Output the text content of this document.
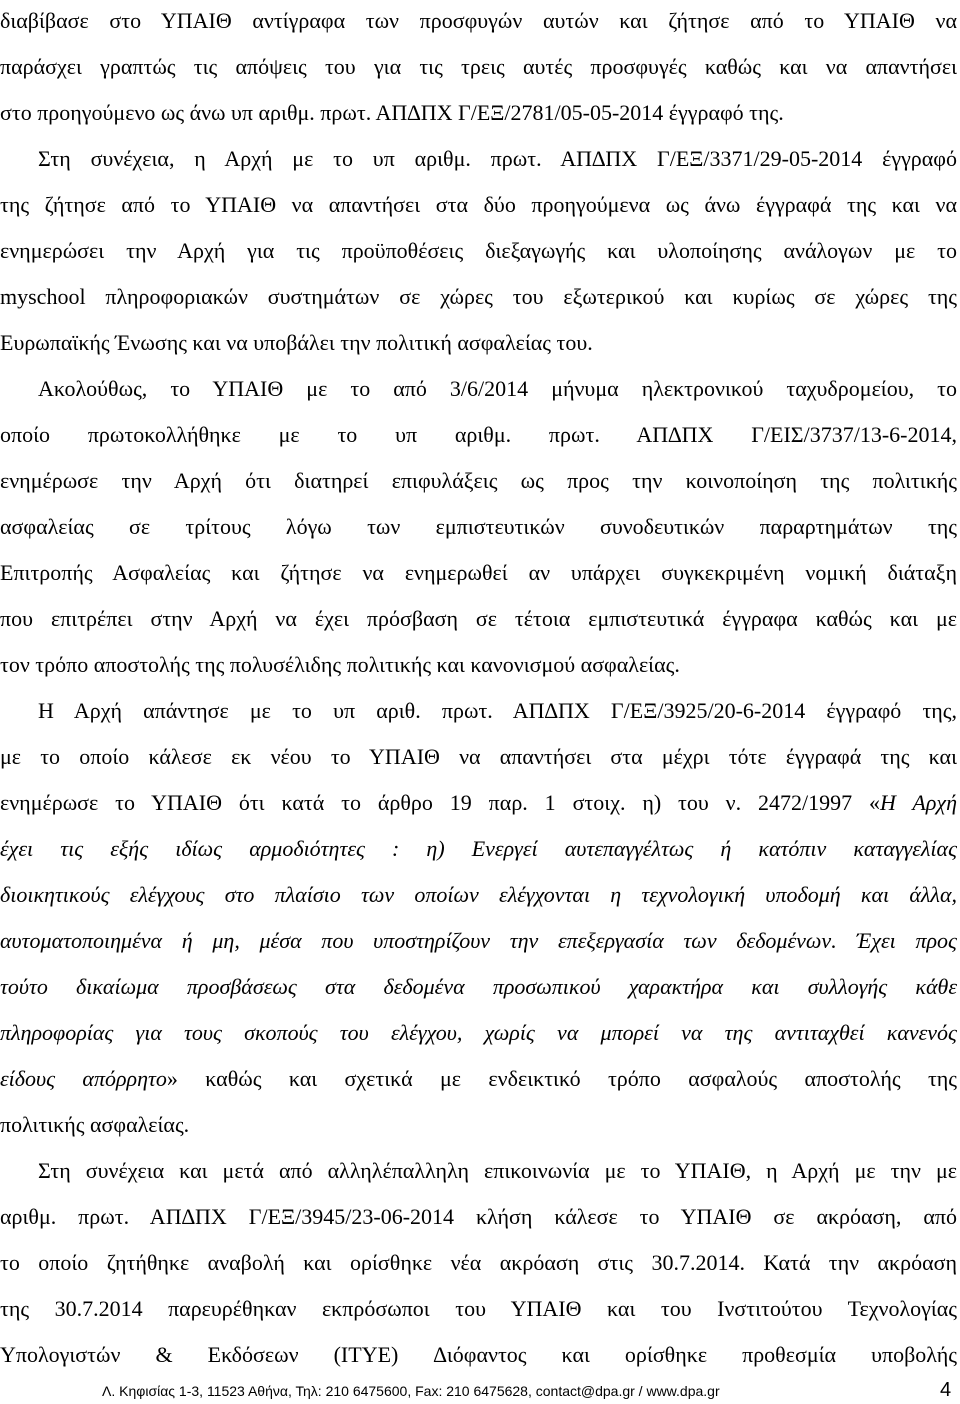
διαβίβασε στο ΥΠΑΙΘ αντίγραφα των προσφυγών αυτών και ζήτησε από το ΥΠΑΙΘ να
παράσχει γραπτώς τις απόψεις του για τις τρεις αυτές προσφυγές καθώς και να απαντήσει
στο προηγούμενο ως άνω υπ αριθμ. πρωτ. ΑΠ∆ΠΧ Γ/ΕΞ/2781/05-05-2014 έγγραφό της.
Στη συνέχεια, η Αρχή με το υπ αριθμ. πρωτ. ΑΠ∆ΠΧ Γ/ΕΞ/3371/29-05-2014 έγγραφό
της ζήτησε από το ΥΠΑΙΘ να απαντήσει στα δύο προηγούμενα ως άνω έγγραφά της και να
ενημερώσει την Αρχή για τις προϋποθέσεις διεξαγωγής και υλοποίησης ανάλογων με το
myschool πληροφοριακών συστημάτων σε χώρες του εξωτερικού και κυρίως σε χώρες της
Ευρωπαϊκής Ένωσης και να υποβάλει την πολιτική ασφαλείας του.
Ακολούθως, το ΥΠΑΙΘ με το από 3/6/2014 μήνυμα ηλεκτρονικού ταχυδρομείου, το
οποίο πρωτοκολλήθηκε με το υπ αριθμ. πρωτ. ΑΠ∆ΠΧ Γ/ΕΙΣ/3737/13-6-2014,
ενημέρωσε την Αρχή ότι διατηρεί επιφυλάξεις ως προς την κοινοποίηση της πολιτικής
ασφαλείας σε τρίτους λόγω των εμπιστευτικών συνοδευτικών παραρτημάτων της
Επιτροπής Ασφαλείας και ζήτησε να ενημερωθεί αν υπάρχει συγκεκριμένη νομική διάταξη
που επιτρέπει στην Αρχή να έχει πρόσβαση σε τέτοια εμπιστευτικά έγγραφα καθώς και με
τον τρόπο αποστολής της πολυσέλιδης πολιτικής και κανονισμού ασφαλείας.
Η Αρχή απάντησε με το υπ αριθ. πρωτ. ΑΠ∆ΠΧ Γ/ΕΞ/3925/20-6-2014 έγγραφό της,
με το οποίο κάλεσε εκ νέου το ΥΠΑΙΘ να απαντήσει στα μέχρι τότε έγγραφά της και
ενημέρωσε το ΥΠΑΙΘ ότι κατά το άρθρο 19 παρ. 1 στοιχ. η) του ν. 2472/1997 «Η Αρχή
έχει τις εξής ιδίως αρμοδιότητες : η) Ενεργεί αυτεπαγγέλτως ή κατόπιν καταγγελίας
διοικητικούς ελέγχους στο πλαίσιο των οποίων ελέγχονται η τεχνολογική υποδομή και άλλα,
αυτοματοποιημένα ή μη, μέσα που υποστηρίζουν την επεξεργασία των δεδομένων. Έχει προς
τούτο δικαίωμα προσβάσεως στα δεδομένα προσωπικού χαρακτήρα και συλλογής κάθε
πληροφορίας για τους σκοπούς του ελέγχου, χωρίς να μπορεί να της αντιταχθεί κανενός
είδους απόρρητο» καθώς και σχετικά με ενδεικτικό τρόπο ασφαλούς αποστολής της
πολιτικής ασφαλείας.
Στη συνέχεια και μετά από αλληλέπαλληλη επικοινωνία με το ΥΠΑΙΘ, η Αρχή με την με
αριθμ. πρωτ. ΑΠ∆ΠΧ Γ/ΕΞ/3945/23-06-2014 κλήση κάλεσε το ΥΠΑΙΘ σε ακρόαση, από
το οποίο ζητήθηκε αναβολή και ορίσθηκε νέα ακρόαση στις 30.7.2014. Κατά την ακρόαση
της 30.7.2014 παρευρέθηκαν εκπρόσωποι του ΥΠΑΙΘ και του Ινστιτούτου Τεχνολογίας
Υπολογιστών & Εκδόσεων (ΙΤΥΕ) ∆ιόφαντος και ορίσθηκε προθεσμία υποβολής
Λ. Κηφισίας 1-3, 11523 Αθήνα, Τηλ: 210 6475600, Fax: 210 6475628, contact@dpa.gr / www.dpa.gr	4
